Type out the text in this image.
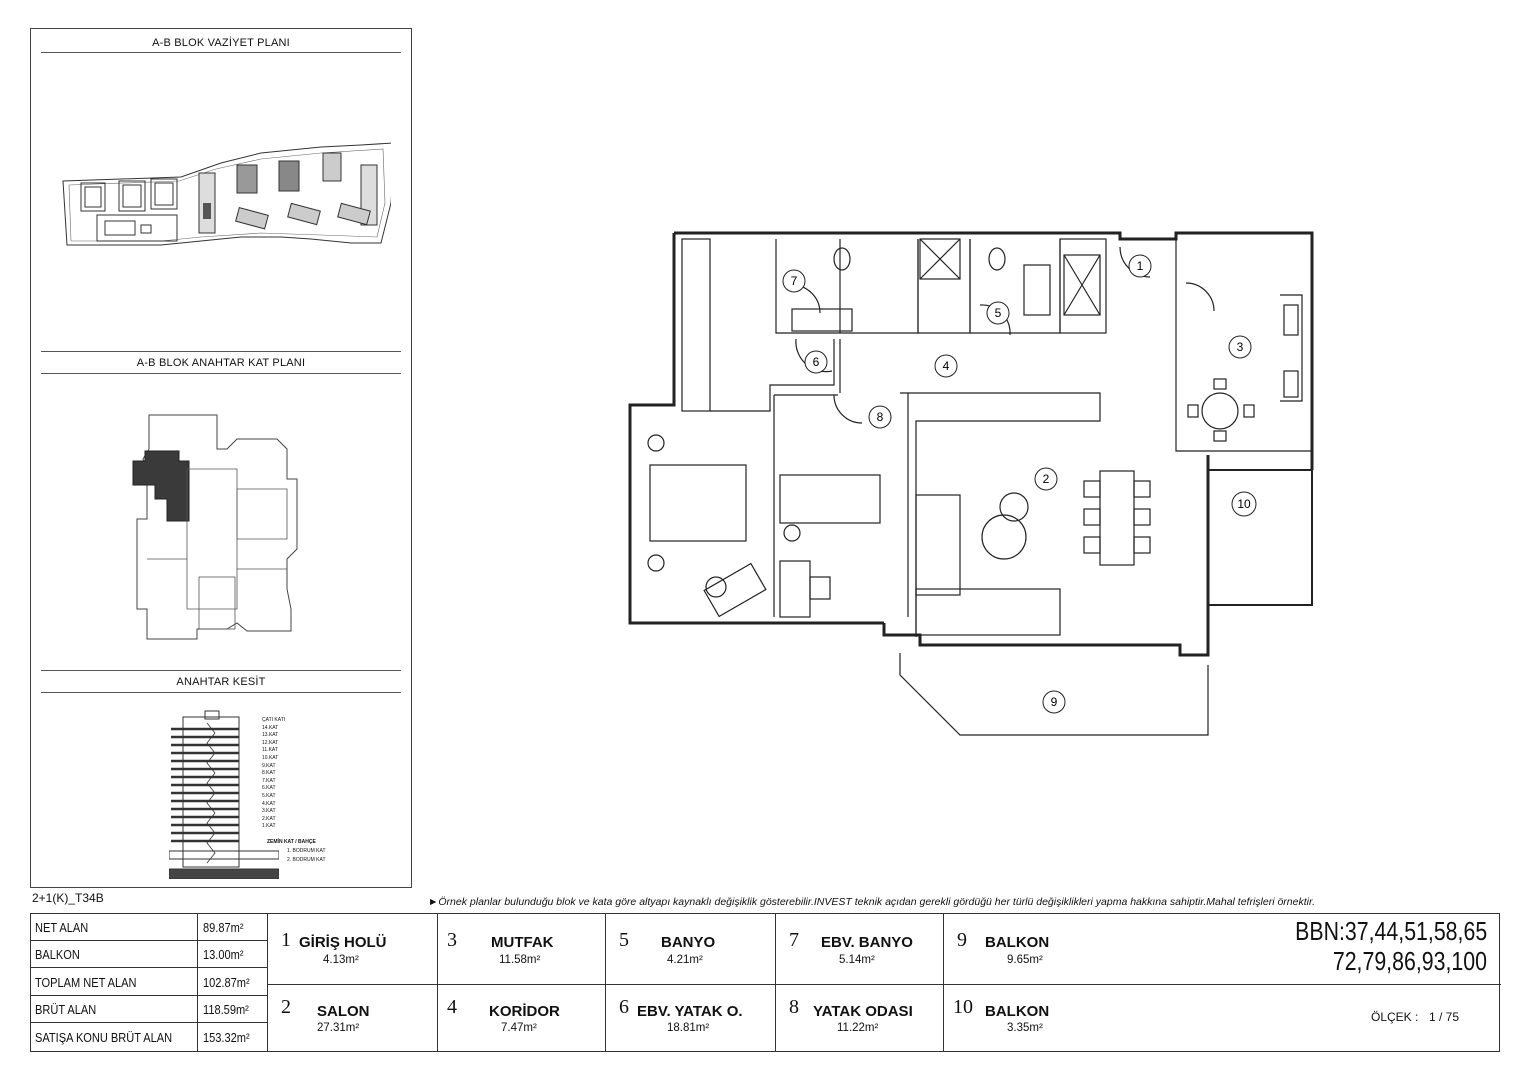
A-B BLOK VAZİYET PLANI
A-B BLOK ANAHTAR KAT PLANI
ANAHTAR KESİT
ÇATI KATI
14.KAT
13.KAT
12.KAT
11.KAT
10.KAT
9.KAT
8.KAT
7.KAT
6.KAT
5.KAT
4.KAT
3.KAT
2.KAT
1.KAT
ZEMİN KAT / BAHÇE
1. BODRUM KAT
2. BODRUM KAT
1
2
3
4
5
6
7
8
9
10
2+1(K)_T34B	►Örnek planlar bulunduğu blok ve kata göre altyapı kaynaklı değişiklik gösterebilir.INVEST teknik açıdan gerekli gördüğü her türlü değişiklikleri yapma hakkına sahiptir.Mahal tefrişleri örnektir.
NET ALAN	89.87m²
BALKON	13.00m²
TOPLAM NET ALAN	102.87m²
BRÜT ALAN	118.59m²
SATIŞA KONU BRÜT ALAN 153.32m²
1 GİRİŞ HOLÜ
4.13m²
2 SALON
27.31m²
3 MUTFAK
11.58m²
4 KORİDOR
7.47m²
5 BANYO
4.21m²
6 EBV. YATAK O.
18.81m²
7 EBV. BANYO
5.14m²
8 YATAK ODASI
11.22m²
9 BALKON
9.65m²
10 BALKON
3.35m²
BBN:37,44,51,58,65
72,79,86,93,100
ÖLÇEK : 1 / 75
